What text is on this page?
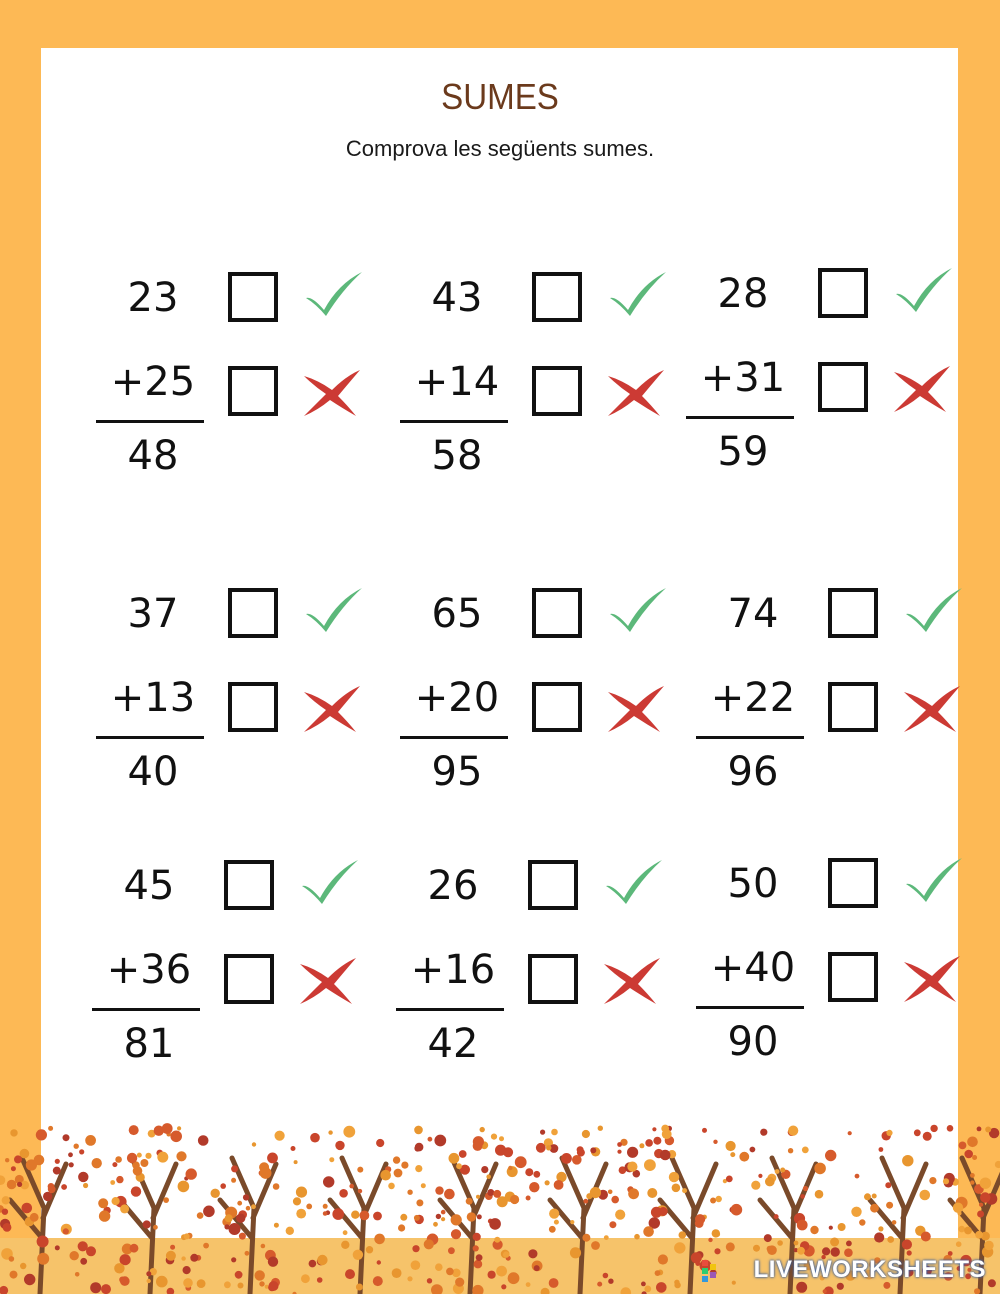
SUMES
Comprova les següents sumes.
23
+25
48
43
+14
58
28
+31
59
37
+13
40
65
+20
95
74
+22
96
45
+36
81
26
+16
42
50
+40
90
LIVEWORKSHEETS
